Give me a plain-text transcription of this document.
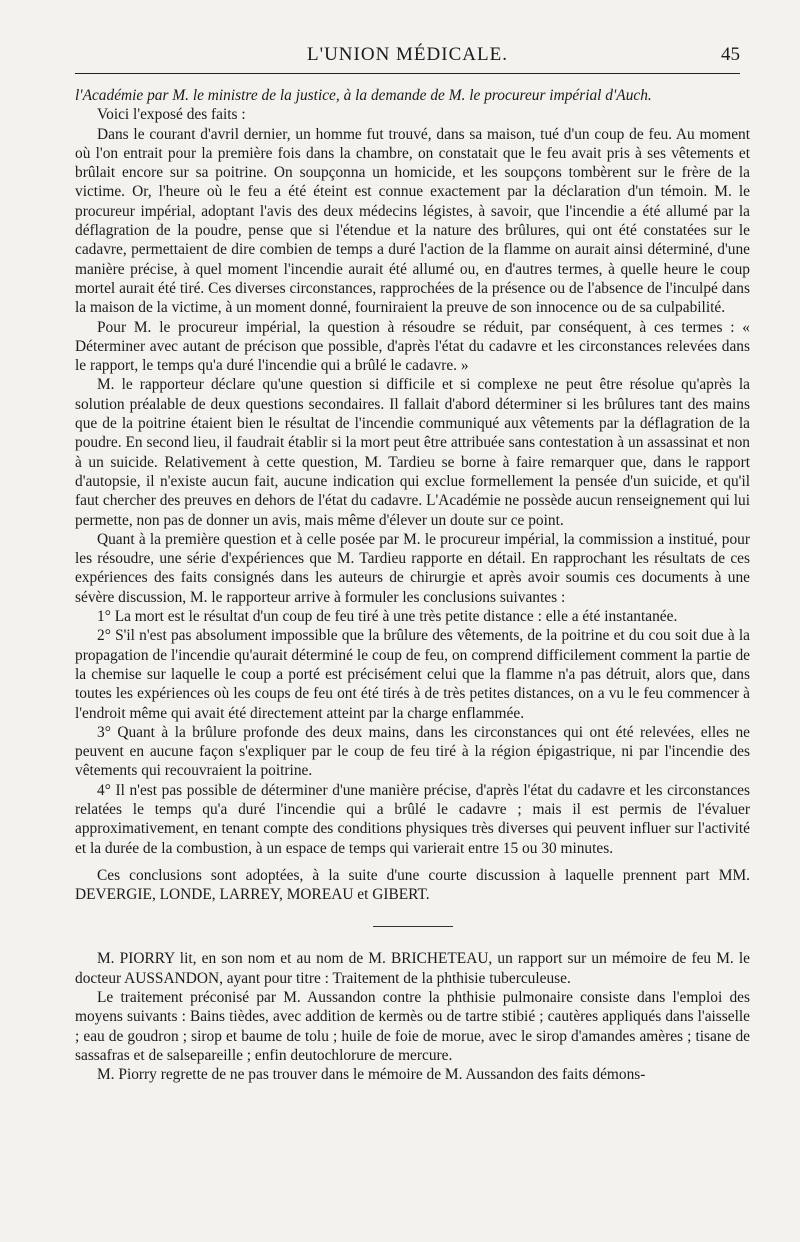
L'UNION MÉDICALE.	45

l'Académie par M. le ministre de la justice, à la demande de M. le procureur impérial d'Auch.

Voici l'exposé des faits :

Dans le courant d'avril dernier, un homme fut trouvé, dans sa maison, tué d'un coup de feu. Au moment où l'on entrait pour la première fois dans la chambre, on constatait que le feu avait pris à ses vêtements et brûlait encore sur sa poitrine. On soupçonna un homicide, et les soupçons tombèrent sur le frère de la victime. Or, l'heure où le feu a été éteint est connue exactement par la déclaration d'un témoin. M. le procureur impérial, adoptant l'avis des deux médecins légistes, à savoir, que l'incendie a été allumé par la déflagration de la poudre, pense que si l'étendue et la nature des brûlures, qui ont été constatées sur le cadavre, permettaient de dire combien de temps a duré l'action de la flamme on aurait ainsi déterminé, d'une manière précise, à quel moment l'incendie aurait été allumé ou, en d'autres termes, à quelle heure le coup mortel aurait été tiré. Ces diverses circonstances, rapprochées de la présence ou de l'absence de l'inculpé dans la maison de la victime, à un moment donné, fourniraient la preuve de son innocence ou de sa culpabilité.

Pour M. le procureur impérial, la question à résoudre se réduit, par conséquent, à ces termes : « Déterminer avec autant de précison que possible, d'après l'état du cadavre et les circonstances relevées dans le rapport, le temps qu'a duré l'incendie qui a brûlé le cadavre. »

M. le rapporteur déclare qu'une question si difficile et si complexe ne peut être résolue qu'après la solution préalable de deux questions secondaires. Il fallait d'abord déterminer si les brûlures tant des mains que de la poitrine étaient bien le résultat de l'incendie communiqué aux vêtements par la déflagration de la poudre. En second lieu, il faudrait établir si la mort peut être attribuée sans contestation à un assassinat et non à un suicide. Relativement à cette question, M. Tardieu se borne à faire remarquer que, dans le rapport d'autopsie, il n'existe aucun fait, aucune indication qui exclue formellement la pensée d'un suicide, et qu'il faut chercher des preuves en dehors de l'état du cadavre. L'Académie ne possède aucun renseignement qui lui permette, non pas de donner un avis, mais même d'élever un doute sur ce point.

Quant à la première question et à celle posée par M. le procureur impérial, la commission a institué, pour les résoudre, une série d'expériences que M. Tardieu rapporte en détail. En rapprochant les résultats de ces expériences des faits consignés dans les auteurs de chirurgie et après avoir soumis ces documents à une sévère discussion, M. le rapporteur arrive à formuler les conclusions suivantes :

1° La mort est le résultat d'un coup de feu tiré à une très petite distance : elle a été instantanée.

2° S'il n'est pas absolument impossible que la brûlure des vêtements, de la poitrine et du cou soit due à la propagation de l'incendie qu'aurait déterminé le coup de feu, on comprend difficilement comment la partie de la chemise sur laquelle le coup a porté est précisément celui que la flamme n'a pas détruit, alors que, dans toutes les expériences où les coups de feu ont été tirés à de très petites distances, on a vu le feu commencer à l'endroit même qui avait été directement atteint par la charge enflammée.

3° Quant à la brûlure profonde des deux mains, dans les circonstances qui ont été relevées, elles ne peuvent en aucune façon s'expliquer par le coup de feu tiré à la région épigastrique, ni par l'incendie des vêtements qui recouvraient la poitrine.

4° Il n'est pas possible de déterminer d'une manière précise, d'après l'état du cadavre et les circonstances relatées le temps qu'a duré l'incendie qui a brûlé le cadavre ; mais il est permis de l'évaluer approximativement, en tenant compte des conditions physiques très diverses qui peuvent influer sur l'activité et la durée de la combustion, à un espace de temps qui varierait entre 15 ou 30 minutes.

Ces conclusions sont adoptées, à la suite d'une courte discussion à laquelle prennent part MM. DEVERGIE, LONDE, LARREY, MOREAU et GIBERT.

M. PIORRY lit, en son nom et au nom de M. BRICHETEAU, un rapport sur un mémoire de feu M. le docteur AUSSANDON, ayant pour titre : Traitement de la phthisie tuberculeuse.

Le traitement préconisé par M. Aussandon contre la phthisie pulmonaire consiste dans l'emploi des moyens suivants : Bains tièdes, avec addition de kermès ou de tartre stibié ; cautères appliqués dans l'aisselle ; eau de goudron ; sirop et baume de tolu ; huile de foie de morue, avec le sirop d'amandes amères ; tisane de sassafras et de salsepareille ; enfin deutochlorure de mercure.

M. Piorry regrette de ne pas trouver dans le mémoire de M. Aussandon des faits démons-
